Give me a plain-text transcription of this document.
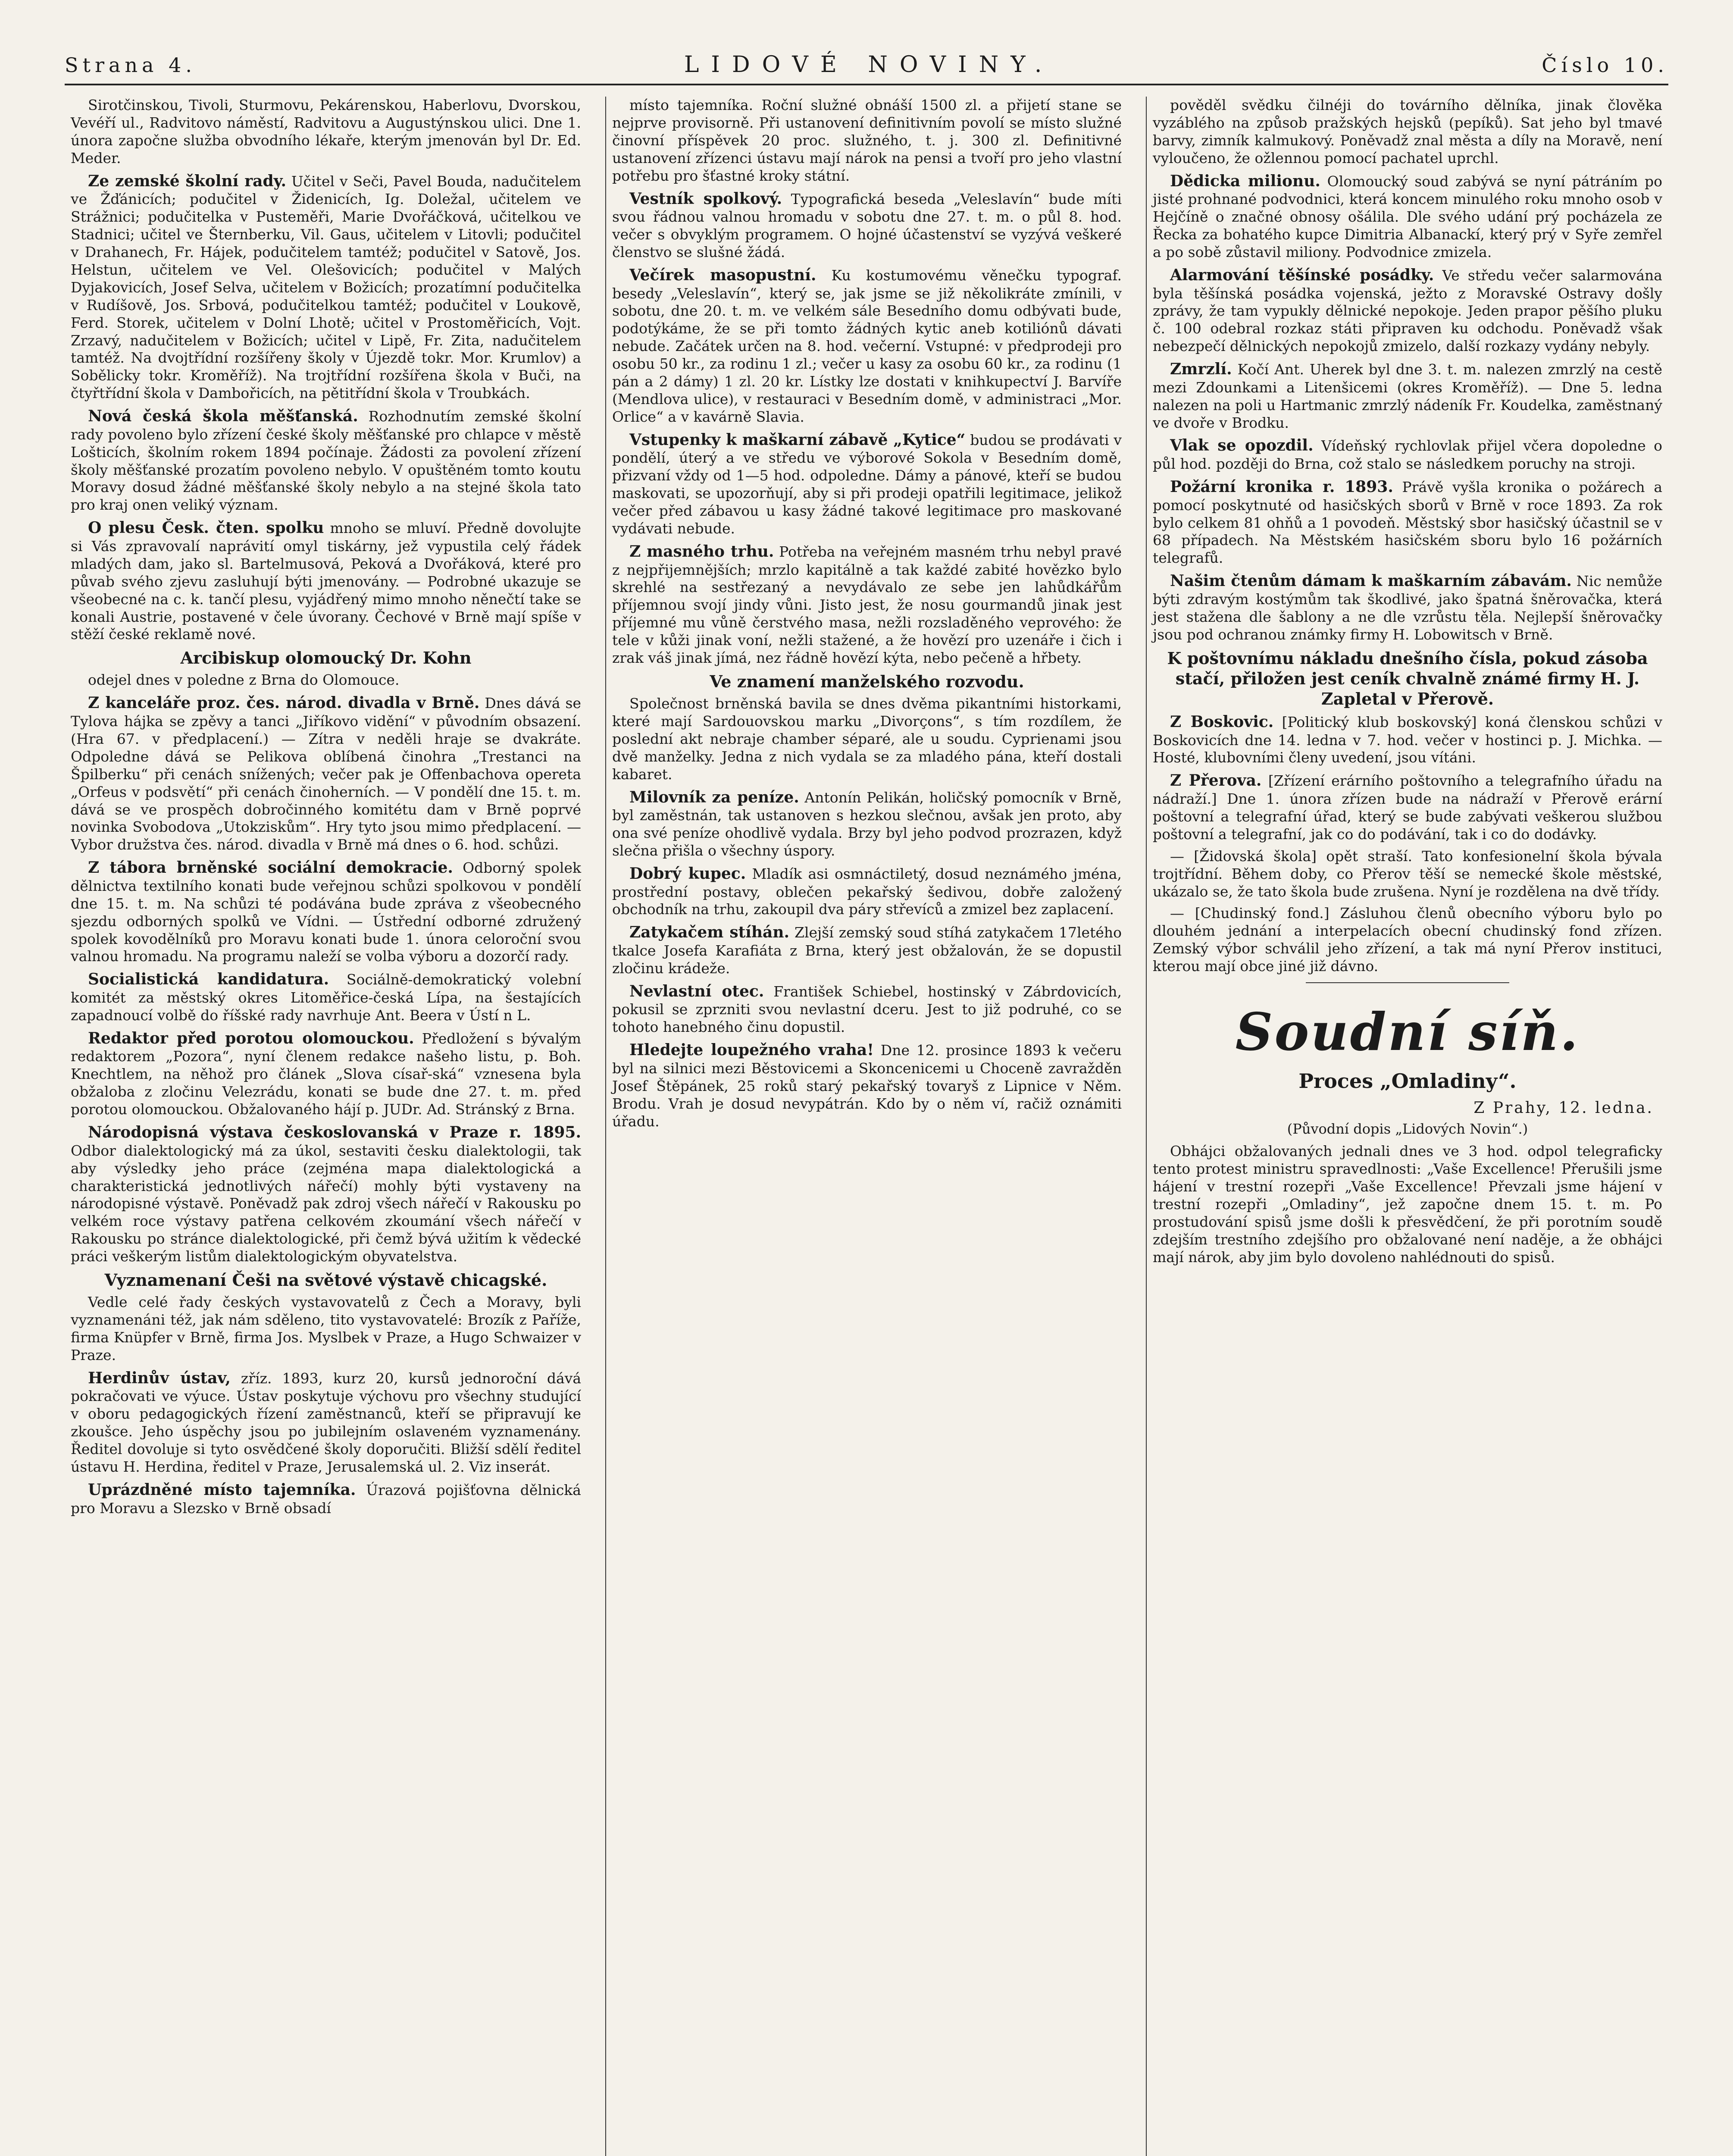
Strana 4.	LIDOVÉ NOVINY.	Číslo 10.

Sirotčinskou, Tivoli, Sturmovu, Pekárenskou, Haberlovu, Dvorskou, Vevéří ul., Radvitovo náměstí, Radvitovu a Augustýnskou ulici. Dne 1. února započne služba obvodního lékaře, kterým jmenován byl Dr. Ed. Meder.

Ze zemské školní rady. Učitel v Seči, Pavel Bouda, nadučitelem ve Žďánicích; podučitel v Židenicích, Ig. Doležal, učitelem ve Strážnici; podučitelka v Pusteměři, Marie Dvořáčková, učitelkou ve Stadnici; učitel ve Šternberku, Vil. Gaus, učitelem v Litovli; podučitel v Drahanech, Fr. Hájek, podučitelem tamtéž; podučitel v Satově, Jos. Helstun, učitelem ve Vel. Olešovicích; podučitel v Malých Dyjakovicích, Josef Selva, učitelem v Božicích; prozatímní podučitelka v Rudíšově, Jos. Srbová, podučitelkou tamtéž; podučitel v Loukově, Ferd. Storek, učitelem v Dolní Lhotě; učitel v Prostoměřicích, Vojt. Zrzavý, nadučitelem v Božicích; učitel v Lipě, Fr. Zita, nadučitelem tamtéž. Na dvojtřídní rozšířeny školy v Újezdě tokr. Mor. Krumlov) a Sobělicky tokr. Kroměříž). Na trojtřídní rozšířena škola v Buči, na čtyřtřídní škola v Dambořicích, na pětitřídní škola v Troubkách.

Nová česká škola měšťanská. Rozhodnutím zemské školní rady povoleno bylo zřízení české školy měšťanské pro chlapce v městě Lošticích, školním rokem 1894 počínaje. Žádosti za povolení zřízení školy měšťanské prozatím povoleno nebylo. V opuštěném tomto koutu Moravy dosud žádné měšťanské školy nebylo a na stejné škola tato pro kraj onen veliký význam.

O plesu Česk. čten. spolku mnoho se mluví. Předně dovolujte si Vás zpravovalí naprávití omyl tiskárny, jež vypustila celý řádek mladých dam, jako sl. Bartelmusová, Peková a Dvořáková, které pro půvab svého zjevu zasluhují býti jmenovány. — Podrobné ukazuje se všeobecné na c. k. tančí plesu, vyjádřený mimo mnoho něnečtí take se konali Austrie, postavené v čele úvorany. Čechové v Brně mají spíše v stěží české reklamě nové.

Arcibiskup olomoucký Dr. Kohn

odejel dnes v poledne z Brna do Olomouce.

Z kanceláře proz. čes. národ. divadla v Brně. Dnes dává se Tylova hájka se zpěvy a tanci „Jiříkovo vidění“ v původním obsazení. (Hra 67. v předplacení.) — Zítra v neděli hraje se dvakráte. Odpoledne dává se Pelikova oblíbená činohra „Trestanci na Špilberku“ při cenách snížených; večer pak je Offenbachova opereta „Orfeus v podsvětí“ při cenách činoherních. — V pondělí dne 15. t. m. dává se ve prospěch dobročinného komitétu dam v Brně poprvé novinka Svobodova „Utokziskům“. Hry tyto jsou mimo předplacení. — Vybor družstva čes. národ. divadla v Brně má dnes o 6. hod. schůzi.

Z tábora brněnské sociální demokracie. Odborný spolek dělnictva textilního konati bude veřejnou schůzi spolkovou v pondělí dne 15. t. m. Na schůzi té podávána bude zpráva z všeobecného sjezdu odborných spolků ve Vídni. — Ústřední odborné združený spolek kovodělníků pro Moravu konati bude 1. února celoroční svou valnou hromadu. Na programu naleží se volba výboru a dozorčí rady.

Socialistická kandidatura. Sociálně-demokratický volební komitét za městský okres Litoměřice-česká Lípa, na šestajících zapadnoucí volbě do říšské rady navrhuje Ant. Beera v Ústí n L.

Redaktor před porotou olomouckou. Předložení s bývalým redaktorem „Pozora“, nyní členem redakce našeho listu, p. Boh. Knechtlem, na něhož pro článek „Slova císař-ská“ vznesena byla obžaloba z zločinu Velezrádu, konati se bude dne 27. t. m. před porotou olomouckou. Obžalovaného hájí p. JUDr. Ad. Stránský z Brna.

Národopisná výstava českoslovanská v Praze r. 1895. Odbor dialektologický má za úkol, sestaviti česku dialektologii, tak aby výsledky jeho práce (zejména mapa dialektologická a charakteristická jednotlivých nářečí) mohly býti vystaveny na národopisné výstavě. Poněvadž pak zdroj všech nářečí v Rakousku po velkém roce výstavy patřena celkovém zkoumání všech nářečí v Rakousku po stránce dialektologické, při čemž bývá užitím k vědecké práci veškerým listům dialektologickým obyvatelstva.

Vyznamenaní Češi na světové výstavě chicagské.

Vedle celé řady českých vystavovatelů z Čech a Moravy, byli vyznamenáni též, jak nám sděleno, tito vystavovatelé: Brozík z Paříže, firma Knüpfer v Brně, firma Jos. Myslbek v Praze, a Hugo Schwaizer v Praze.

Herdinův ústav, zříz. 1893, kurz 20, kursů jednoroční dává pokračovati ve výuce. Ústav poskytuje výchovu pro všechny studující v oboru pedagogických řízení zaměstnanců, kteří se připravují ke zkoušce. Jeho úspěchy jsou po jubilejním oslaveném vyznamenány. Ředitel dovoluje si tyto osvědčené školy doporučiti. Bližší sdělí ředitel ústavu H. Herdina, ředitel v Praze, Jerusalemská ul. 2. Viz inserát.

Uprázdněné místo tajemníka. Úrazová pojišťovna dělnická pro Moravu a Slezsko v Brně obsadí

místo tajemníka. Roční služné obnáší 1500 zl. a přijetí stane se nejprve provisorně. Při ustanovení definitivním povolí se místo služné činovní příspěvek 20 proc. služného, t. j. 300 zl. Definitivné ustanovení zřízenci ústavu mají nárok na pensi a tvoří pro jeho vlastní potřebu pro šťastné kroky státní.

Vestník spolkový. Typografická beseda „Veleslavín“ bude míti svou řádnou valnou hromadu v sobotu dne 27. t. m. o půl 8. hod. večer s obvyklým programem. O hojné účastenství se vyzývá veškeré členstvo se slušné žádá.

Večírek masopustní. Ku kostumovému věnečku typograf. besedy „Veleslavín“, který se, jak jsme se již několikráte zmínili, v sobotu, dne 20. t. m. ve velkém sále Besedního domu odbývati bude, podotýkáme, že se při tomto žádných kytic aneb kotiliónů dávati nebude. Začátek určen na 8. hod. večerní. Vstupné: v předprodeji pro osobu 50 kr., za rodinu 1 zl.; večer u kasy za osobu 60 kr., za rodinu (1 pán a 2 dámy) 1 zl. 20 kr. Lístky lze dostati v knihkupectví J. Barvíře (Mendlova ulice), v restauraci v Besedním domě, v administraci „Mor. Orlice“ a v kavárně Slavia.

Vstupenky k maškarní zábavě „Kytice“ budou se prodávati v pondělí, úterý a ve středu ve výborové Sokola v Besedním domě, přizvaní vždy od 1—5 hod. odpoledne. Dámy a pánové, kteří se budou maskovati, se upozorňují, aby si při prodeji opatřili legitimace, jelikož večer před zábavou u kasy žádné takové legitimace pro maskované vydávati nebude.

Z masného trhu. Potřeba na veřejném masném trhu nebyl pravé z nejpřijemnějších; mrzlo kapitálně a tak každé zabité hovězko bylo skrehlé na sestřezaný a nevydávalo ze sebe jen lahůdkářům příjemnou svojí jindy vůni. Jisto jest, že nosu gourmandů jinak jest příjemné mu vůně čerstvého masa, nežli rozsladěného veprového: že tele v kůži jinak voní, nežli stažené, a že hovězí pro uzenáře i čich i zrak váš jinak jímá, nez řádně hovězí kýta, nebo pečeně a hřbety.

Ve znamení manželského rozvodu.

Společnost brněnská bavila se dnes dvěma pikantními historkami, které mají Sardouovskou marku „Divorçons“, s tím rozdílem, že poslední akt nebraje chamber séparé, ale u soudu. Cyprienami jsou dvě manželky. Jedna z nich vydala se za mladého pána, kteří dostali kabaret.

Milovník za peníze. Antonín Pelikán, holičský pomocník v Brně, byl zaměstnán, tak ustanoven s hezkou slečnou, avšak jen proto, aby ona své peníze ohodlivě vydala. Brzy byl jeho podvod prozrazen, když slečna přišla o všechny úspory.

Dobrý kupec. Mladík asi osmnáctiletý, dosud neznámého jména, prostřední postavy, oblečen pekařský šedivou, dobře založený obchodník na trhu, zakoupil dva páry střevíců a zmizel bez zaplacení.

Zatykačem stíhán. Zlejší zemský soud stíhá zatykačem 17letého tkalce Josefa Karafiáta z Brna, který jest obžalován, že se dopustil zločinu krádeže.

Nevlastní otec. František Schiebel, hostinský v Zábrdovicích, pokusil se zprzniti svou nevlastní dceru. Jest to již podruhé, co se tohoto hanebného činu dopustil.

Hledejte loupežného vraha! Dne 12. prosince 1893 k večeru byl na silnici mezi Běstovicemi a Skoncenicemi u Choceně zavražděn Josef Štěpánek, 25 roků starý pekařský tovaryš z Lipnice v Něm. Brodu. Vrah je dosud nevypátrán. Kdo by o něm ví, račiž oznámiti úřadu.

pověděl svědku čilnéji do továrního dělníka, jinak člověka vyzáblého na způsob pražských hejsků (pepíků). Sat jeho byl tmavé barvy, zimník kalmukový. Poněvadž znal města a díly na Moravě, není vyloučeno, že ožlennou pomocí pachatel uprchl.

Dědicka milionu. Olomoucký soud zabývá se nyní pátráním po jisté prohnané podvodnici, která koncem minulého roku mnoho osob v Hejčíně o značné obnosy ošálila. Dle svého udání prý pocházela ze Řecka za bohatého kupce Dimitria Albanackí, který prý v Syře zemřel a po sobě zůstavil miliony. Podvodnice zmizela.

Alarmování těšínské posádky. Ve středu večer salarmována byla těšínská posádka vojenská, ježto z Moravské Ostravy došly zprávy, že tam vypukly dělnické nepokoje. Jeden prapor pěšího pluku č. 100 odebral rozkaz státi připraven ku odchodu. Poněvadž však nebezpečí dělnických nepokojů zmizelo, další rozkazy vydány nebyly.

Zmrzlí. Kočí Ant. Uherek byl dne 3. t. m. nalezen zmrzlý na cestě mezi Zdounkami a Litenšicemi (okres Kroměříž). — Dne 5. ledna nalezen na poli u Hartmanic zmrzlý nádeník Fr. Koudelka, zaměstnaný ve dvoře v Brodku.

Vlak se opozdil. Vídeňský rychlovlak přijel včera dopoledne o půl hod. později do Brna, což stalo se následkem poruchy na stroji.

Požární kronika r. 1893. Právě vyšla kronika o požárech a pomocí poskytnuté od hasičských sborů v Brně v roce 1893. Za rok bylo celkem 81 ohňů a 1 povodeň. Městský sbor hasičský účastnil se v 68 případech. Na Městském hasičském sboru bylo 16 požárních telegrafů.

Našim čtenům dámam k maškarním zábavám. Nic nemůže býti zdravým kostýmům tak škodlivé, jako špatná šněrovačka, která jest stažena dle šablony a ne dle vzrůstu těla. Nejlepší šněrovačky jsou pod ochranou známky firmy H. Lobowitsch v Brně.

K poštovnímu nákladu dnešního čísla, pokud zásoba stačí, přiložen jest ceník chvalně známé firmy H. J. Zapletal v Přerově.

Z Boskovic. [Politický klub boskovský] koná členskou schůzi v Boskovicích dne 14. ledna v 7. hod. večer v hostinci p. J. Michka. — Hosté, klubovními členy uvedení, jsou vítáni.

Z Přerova. [Zřízení erárního poštovního a telegrafního úřadu na nádraží.] Dne 1. února zřízen bude na nádraží v Přerově erární poštovní a telegrafní úřad, který se bude zabývati veškerou službou poštovní a telegrafní, jak co do podávání, tak i co do dodávky.

— [Židovská škola] opět straší. Tato konfesionelní škola bývala trojtřídní. Během doby, co Přerov těší se nemecké škole městské, ukázalo se, že tato škola bude zrušena. Nyní je rozdělena na dvě třídy.

— [Chudinský fond.] Zásluhou členů obecního výboru bylo po dlouhém jednání a interpelacích obecní chudinský fond zřízen. Zemský výbor schválil jeho zřízení, a tak má nyní Přerov instituci, kterou mají obce jiné již dávno.

Soudní síň.
Proces „Omladiny“.
Z Prahy, 12. ledna.
(Původní dopis „Lidových Novin“.)

Obhájci obžalovaných jednali dnes ve 3 hod. odpol telegraficky tento protest ministru spravedlnosti: „Vaše Excellence! Přerušili jsme hájení v trestní rozepři „Vaše Excellence! Převzali jsme hájení v trestní rozepři „Omladiny“, jež započne dnem 15. t. m. Po prostudování spisů jsme došli k přesvědčení, že při porotním soudě zdejším trestního zdejšího pro obžalované není naděje, a že obhájci mají nárok, aby jim bylo dovoleno nahlédnouti do spisů.
